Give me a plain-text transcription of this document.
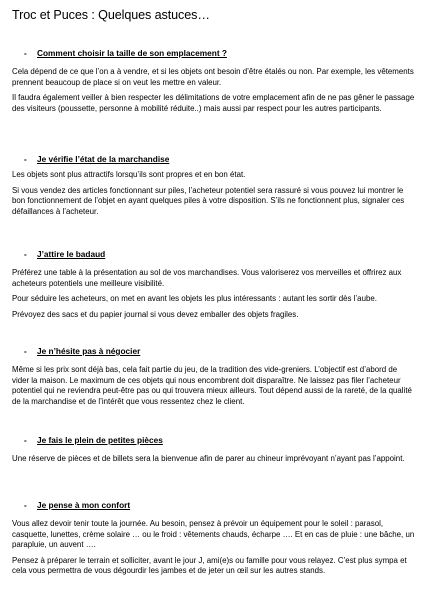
Troc et Puces : Quelques astuces…
- Comment choisir la taille de son emplacement ?

Cela dépend de ce que l’on a à vendre, et si les objets ont besoin d’être étalés ou non. Par exemple, les vêtements prennent beaucoup de place si on veut les mettre en valeur.

Il faudra également veiller à bien respecter les délimitations de votre emplacement afin de ne pas gêner le passage des visiteurs (poussette, personne à mobilité réduite..) mais aussi par respect pour les autres participants.

- Je vérifie l’état de la marchandise

Les objets sont plus attractifs lorsqu’ils sont propres et en bon état.

Si vous vendez des articles fonctionnant sur piles, l’acheteur potentiel sera rassuré si vous pouvez lui montrer le bon fonctionnement de l’objet en ayant quelques piles à votre disposition. S’ils ne fonctionnent plus, signaler ces défaillances à l’acheteur.

- J’attire le badaud

Préférez une table à la présentation au sol de vos marchandises. Vous valoriserez vos merveilles et offrirez aux acheteurs potentiels une meilleure visibilité.

Pour séduire les acheteurs, on met en avant les objets les plus intéressants : autant les sortir dès l’aube.

Prévoyez des sacs et du papier journal si vous devez emballer des objets fragiles.

- Je n’hésite pas à négocier

Même si les prix sont déjà bas, cela fait partie du jeu, de la tradition des vide-greniers. L’objectif est d’abord de vider la maison. Le maximum de ces objets qui nous encombrent doit disparaître. Ne laissez pas filer l’acheteur potentiel qui ne reviendra peut-être pas ou qui trouvera mieux ailleurs. Tout dépend aussi de la rareté, de la qualité de la marchandise et de l’intérêt que vous ressentez chez le client.

- Je fais le plein de petites pièces

Une réserve de pièces et de billets sera la bienvenue afin de parer au chineur imprévoyant n’ayant pas l’appoint.

- Je pense à mon confort

Vous allez devoir tenir toute la journée. Au besoin, pensez à prévoir un équipement pour le soleil : parasol, casquette, lunettes, crème solaire … ou le froid : vêtements chauds, écharpe …. Et en cas de pluie : une bâche, un parapluie, un auvent ….

Pensez à préparer le terrain et solliciter, avant le jour J, ami(e)s ou famille pour vous relayez. C’est plus sympa et cela vous permettra de vous dégourdir les jambes et de jeter un œil sur les autres stands.
